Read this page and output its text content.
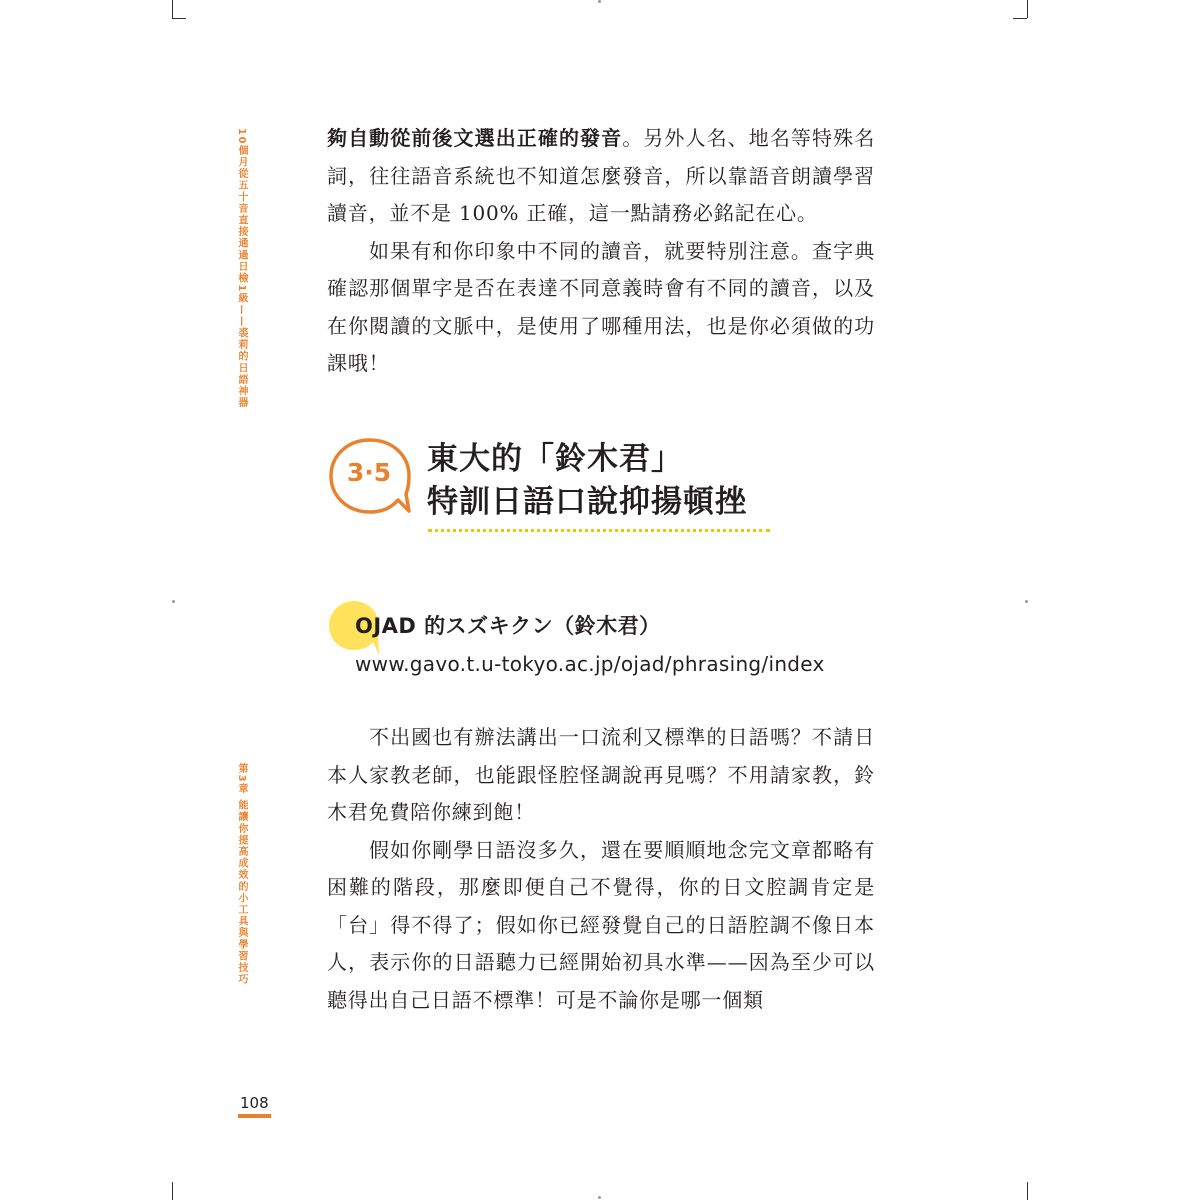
10個月從五十音直接通過日檢1級——裘莉的日語神器
第3章 能讓你提高成效的小工具與學習技巧

夠自動從前後文選出正確的發音。另外人名、地名等特殊名詞，往往語音系統也不知道怎麼發音，所以靠語音朗讀學習讀音，並不是 100% 正確，這一點請務必銘記在心。

如果有和你印象中不同的讀音，就要特別注意。查字典確認那個單字是否在表達不同意義時會有不同的讀音，以及在你閱讀的文脈中，是使用了哪種用法，也是你必須做的功課哦！

3·5	東大的「鈴木君」
特訓日語口說抑揚頓挫
OJAD 的スズキクン（鈴木君）
www.gavo.t.u-tokyo.ac.jp/ojad/phrasing/index

不出國也有辦法講出一口流利又標準的日語嗎？不請日本人家教老師，也能跟怪腔怪調說再見嗎？不用請家教，鈴木君免費陪你練到飽！

假如你剛學日語沒多久，還在要順順地念完文章都略有困難的階段，那麼即便自己不覺得，你的日文腔調肯定是「台」得不得了；假如你已經發覺自己的日語腔調不像日本人，表示你的日語聽力已經開始初具水準——因為至少可以聽得出自己日語不標準！可是不論你是哪一個類

108
